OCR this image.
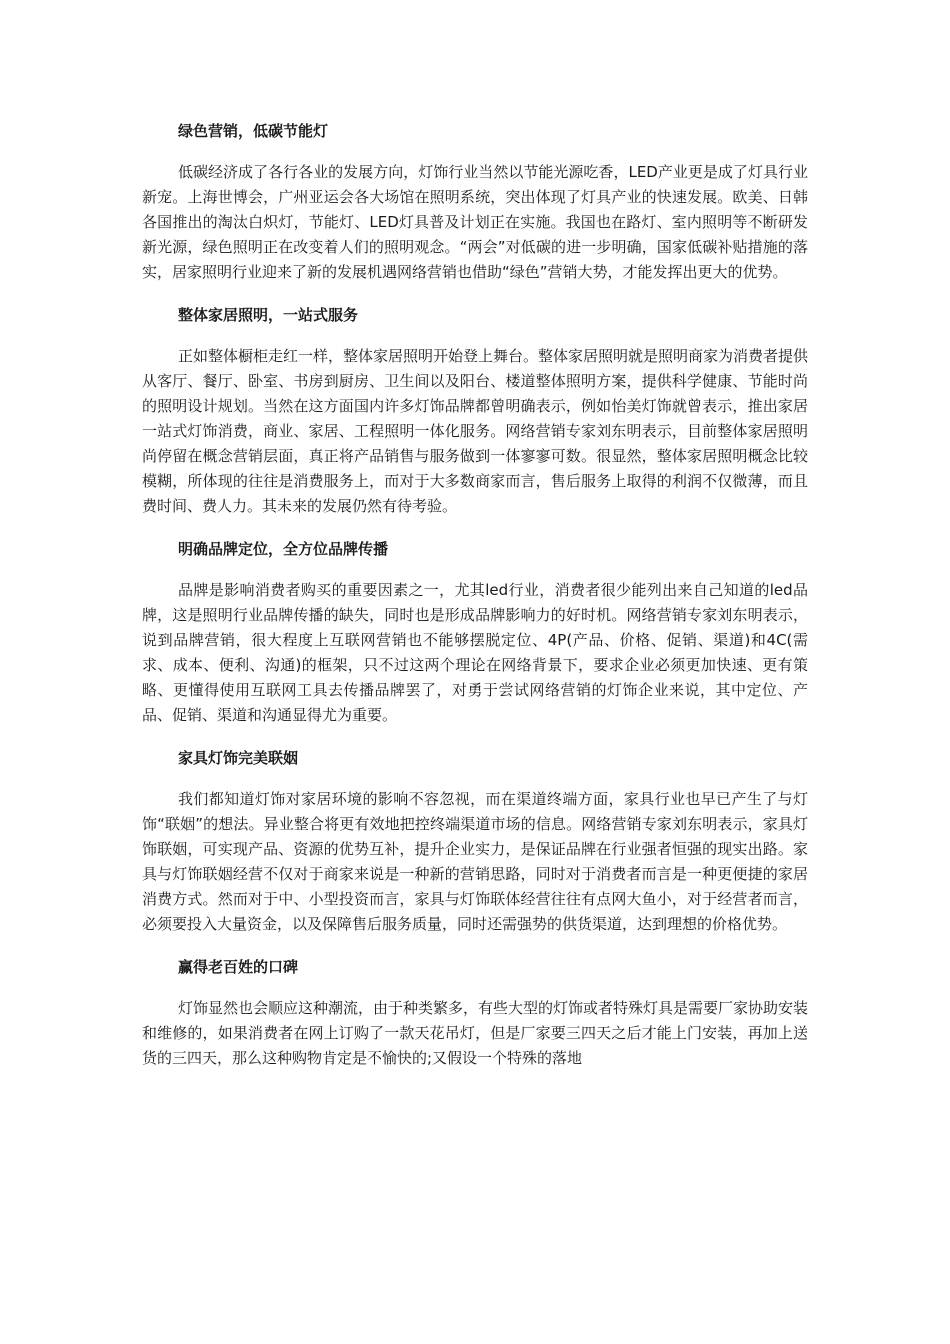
绿色营销，低碳节能灯

低碳经济成了各行各业的发展方向，灯饰行业当然以节能光源吃香，LED产业更是成了灯具行业新宠。上海世博会，广州亚运会各大场馆在照明系统，突出体现了灯具产业的快速发展。欧美、日韩各国推出的淘汰白炽灯，节能灯、LED灯具普及计划正在实施。我国也在路灯、室内照明等不断研发新光源，绿色照明正在改变着人们的照明观念。“两会”对低碳的进一步明确，国家低碳补贴措施的落实，居家照明行业迎来了新的发展机遇网络营销也借助“绿色”营销大势，才能发挥出更大的优势。

整体家居照明，一站式服务

正如整体橱柜走红一样，整体家居照明开始登上舞台。整体家居照明就是照明商家为消费者提供从客厅、餐厅、卧室、书房到厨房、卫生间以及阳台、楼道整体照明方案，提供科学健康、节能时尚的照明设计规划。当然在这方面国内许多灯饰品牌都曾明确表示，例如怡美灯饰就曾表示，推出家居一站式灯饰消费，商业、家居、工程照明一体化服务。网络营销专家刘东明表示，目前整体家居照明尚停留在概念营销层面，真正将产品销售与服务做到一体寥寥可数。很显然，整体家居照明概念比较模糊，所体现的往往是消费服务上，而对于大多数商家而言，售后服务上取得的利润不仅微薄，而且费时间、费人力。其未来的发展仍然有待考验。

明确品牌定位，全方位品牌传播

品牌是影响消费者购买的重要因素之一，尤其led行业，消费者很少能列出来自己知道的led品牌，这是照明行业品牌传播的缺失，同时也是形成品牌影响力的好时机。网络营销专家刘东明表示，说到品牌营销，很大程度上互联网营销也不能够摆脱定位、4P(产品、价格、促销、渠道)和4C(需求、成本、便利、沟通)的框架，只不过这两个理论在网络背景下，要求企业必须更加快速、更有策略、更懂得使用互联网工具去传播品牌罢了，对勇于尝试网络营销的灯饰企业来说，其中定位、产品、促销、渠道和沟通显得尤为重要。

家具灯饰完美联姻

我们都知道灯饰对家居环境的影响不容忽视，而在渠道终端方面，家具行业也早已产生了与灯饰“联姻”的想法。异业整合将更有效地把控终端渠道市场的信息。网络营销专家刘东明表示，家具灯饰联姻，可实现产品、资源的优势互补，提升企业实力，是保证品牌在行业强者恒强的现实出路。家具与灯饰联姻经营不仅对于商家来说是一种新的营销思路，同时对于消费者而言是一种更便捷的家居消费方式。然而对于中、小型投资而言，家具与灯饰联体经营往往有点网大鱼小，对于经营者而言，必须要投入大量资金，以及保障售后服务质量，同时还需强势的供货渠道，达到理想的价格优势。

赢得老百姓的口碑

灯饰显然也会顺应这种潮流，由于种类繁多，有些大型的灯饰或者特殊灯具是需要厂家协助安装和维修的，如果消费者在网上订购了一款天花吊灯，但是厂家要三四天之后才能上门安装，再加上送货的三四天，那么这种购物肯定是不愉快的;又假设一个特殊的落地
